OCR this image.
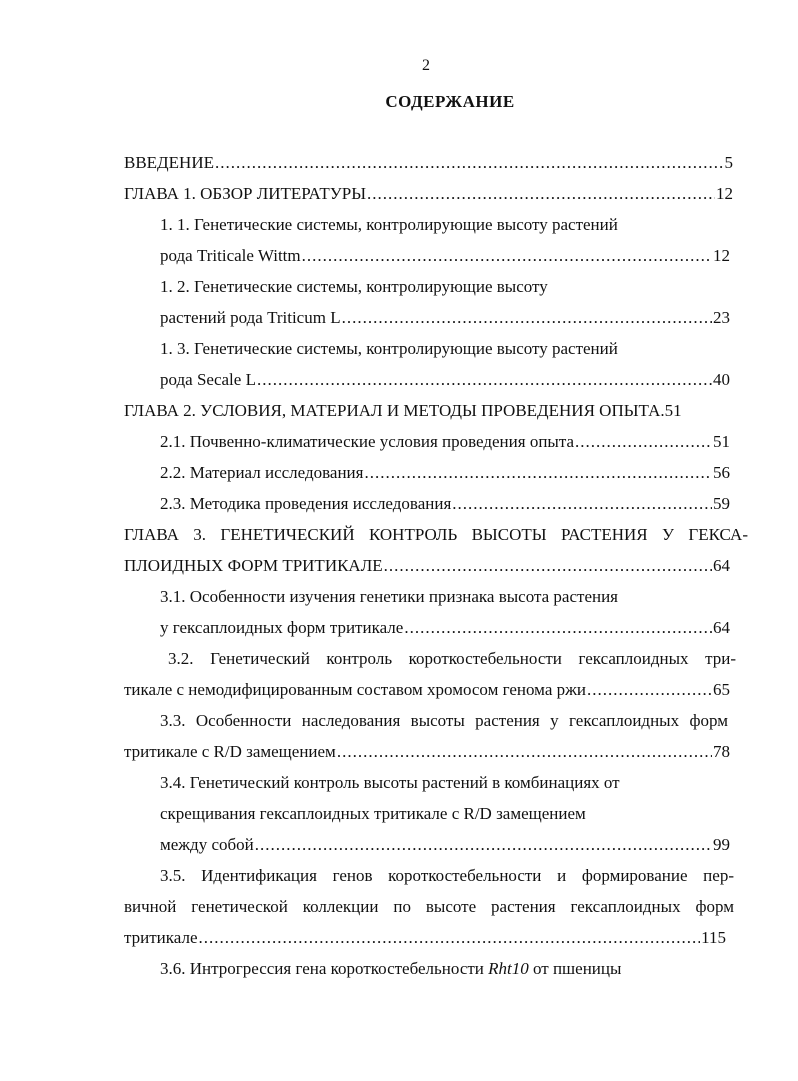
2
СОДЕРЖАНИЕ
ВВЕДЕНИЕ .....	5
ГЛАВА 1. ОБЗОР ЛИТЕРАТУРЫ .....	12
1. 1. Генетические системы, контролирующие высоту растений
рода Triticale Wittm .....	12
1. 2. Генетические системы, контролирующие высоту
растений рода Triticum L .....	23
1. 3. Генетические системы, контролирующие высоту растений
рода Secale L .....	40
ГЛАВА 2. УСЛОВИЯ, МАТЕРИАЛ И МЕТОДЫ ПРОВЕДЕНИЯ ОПЫТА.51
2.1. Почвенно-климатические условия проведения опыта .....	51
2.2. Материал исследования .....	56
2.3. Методика проведения исследования .....	59
ГЛАВА 3. ГЕНЕТИЧЕСКИЙ КОНТРОЛЬ ВЫСОТЫ РАСТЕНИЯ У ГЕКСА-
ПЛОИДНЫХ ФОРМ ТРИТИКАЛЕ .....	64
3.1. Особенности изучения генетики признака высота растения
у гексаплоидных форм тритикале .....	64
3.2. Генетический контроль короткостебельности гексаплоидных три-
тикале с немодифицированным составом хромосом генома ржи .....	65
3.3. Особенности наследования высоты растения у гексаплоидных форм
тритикале с R/D замещением .....	78
3.4. Генетический контроль высоты растений в комбинациях от
скрещивания гексаплоидных тритикале с R/D замещением
между собой .....	99
3.5. Идентификация генов короткостебельности и формирование пер-
вичной генетической коллекции по высоте растения гексаплоидных форм
тритикале .....	115
3.6. Интрогрессия гена короткостебельности Rht10 от пшеницы
